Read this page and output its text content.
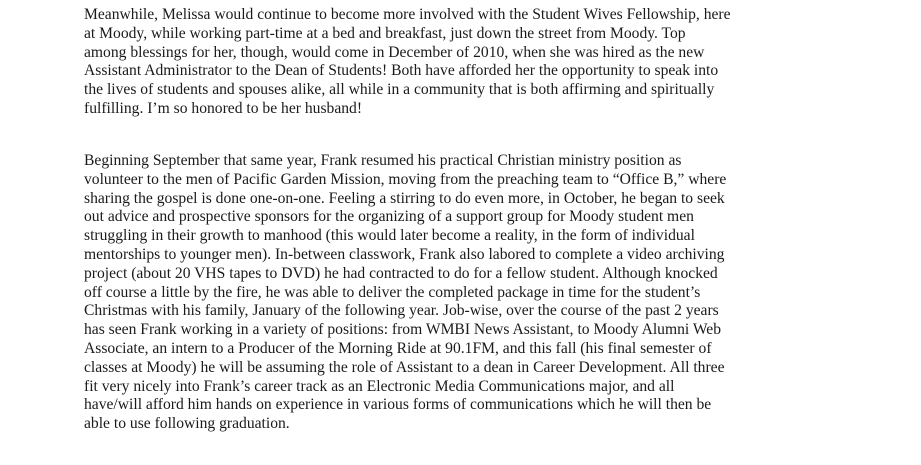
Meanwhile, Melissa would continue to become more involved with the Student Wives Fellowship, here
at Moody, while working part-time at a bed and breakfast, just down the street from Moody. Top
among blessings for her, though, would come in December of 2010, when she was hired as the new
Assistant Administrator to the Dean of Students! Both have afforded her the opportunity to speak into
the lives of students and spouses alike, all while in a community that is both affirming and spiritually
fulfilling. I’m so honored to be her husband!

Beginning September that same year, Frank resumed his practical Christian ministry position as
volunteer to the men of Pacific Garden Mission, moving from the preaching team to “Office B,” where
sharing the gospel is done one-on-one. Feeling a stirring to do even more, in October, he began to seek
out advice and prospective sponsors for the organizing of a support group for Moody student men
struggling in their growth to manhood (this would later become a reality, in the form of individual
mentorships to younger men). In-between classwork, Frank also labored to complete a video archiving
project (about 20 VHS tapes to DVD) he had contracted to do for a fellow student. Although knocked
off course a little by the fire, he was able to deliver the completed package in time for the student’s
Christmas with his family, January of the following year. Job-wise, over the course of the past 2 years
has seen Frank working in a variety of positions: from WMBI News Assistant, to Moody Alumni Web
Associate, an intern to a Producer of the Morning Ride at 90.1FM, and this fall (his final semester of
classes at Moody) he will be assuming the role of Assistant to a dean in Career Development. All three
fit very nicely into Frank’s career track as an Electronic Media Communications major, and all
have/will afford him hands on experience in various forms of communications which he will then be
able to use following graduation.
